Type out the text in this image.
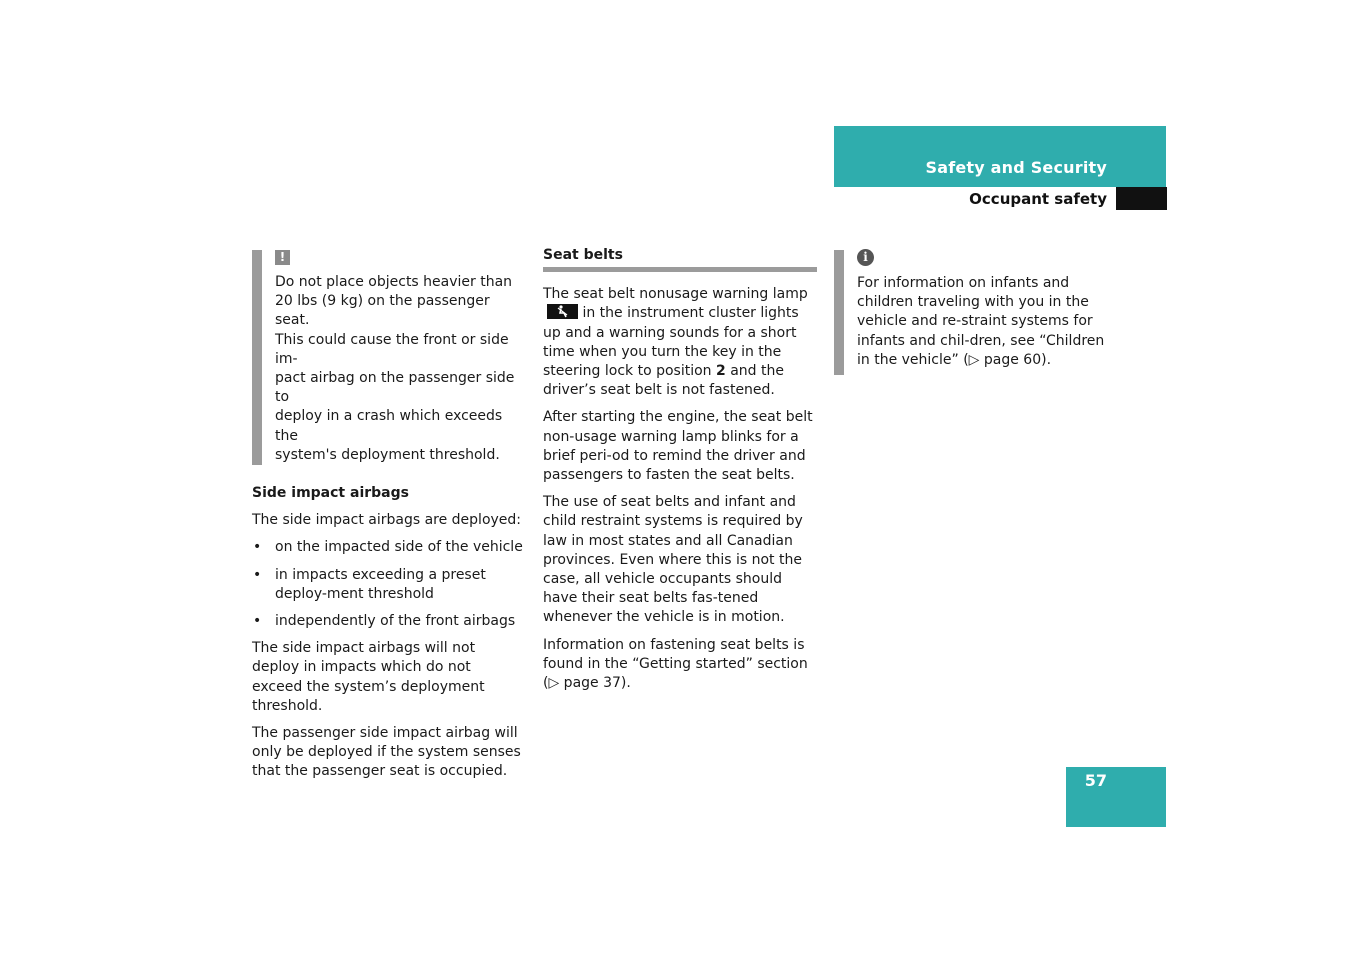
Safety and Security
Occupant safety
!
Do not place objects heavier than
20 lbs (9 kg) on the passenger seat.
This could cause the front or side im-
pact airbag on the passenger side to
deploy in a crash which exceeds the
system's deployment threshold.
Side impact airbags

The side impact airbags are deployed:

• on the impacted side of the vehicle
• in impacts exceeding a preset deploy-ment threshold
• independently of the front airbags

The side impact airbags will not deploy in impacts which do not exceed the system’s deployment threshold.

The passenger side impact airbag will only be deployed if the system senses that the passenger seat is occupied.

Seat belts

The seat belt nonusage warning lamp
in the instrument cluster lights up and a warning sounds for a short time when you turn the key in the steering lock to position 2 and the driver’s seat belt is not fastened.

After starting the engine, the seat belt non-usage warning lamp blinks for a brief peri-od to remind the driver and passengers to fasten the seat belts.

The use of seat belts and infant and child restraint systems is required by law in most states and all Canadian provinces. Even where this is not the case, all vehicle occupants should have their seat belts fas-tened whenever the vehicle is in motion.

Information on fastening seat belts is found in the “Getting started” section (▷ page 37).

i
For information on infants and children traveling with you in the vehicle and re-straint systems for infants and chil-dren, see “Children in the vehicle” (▷ page 60).
57
